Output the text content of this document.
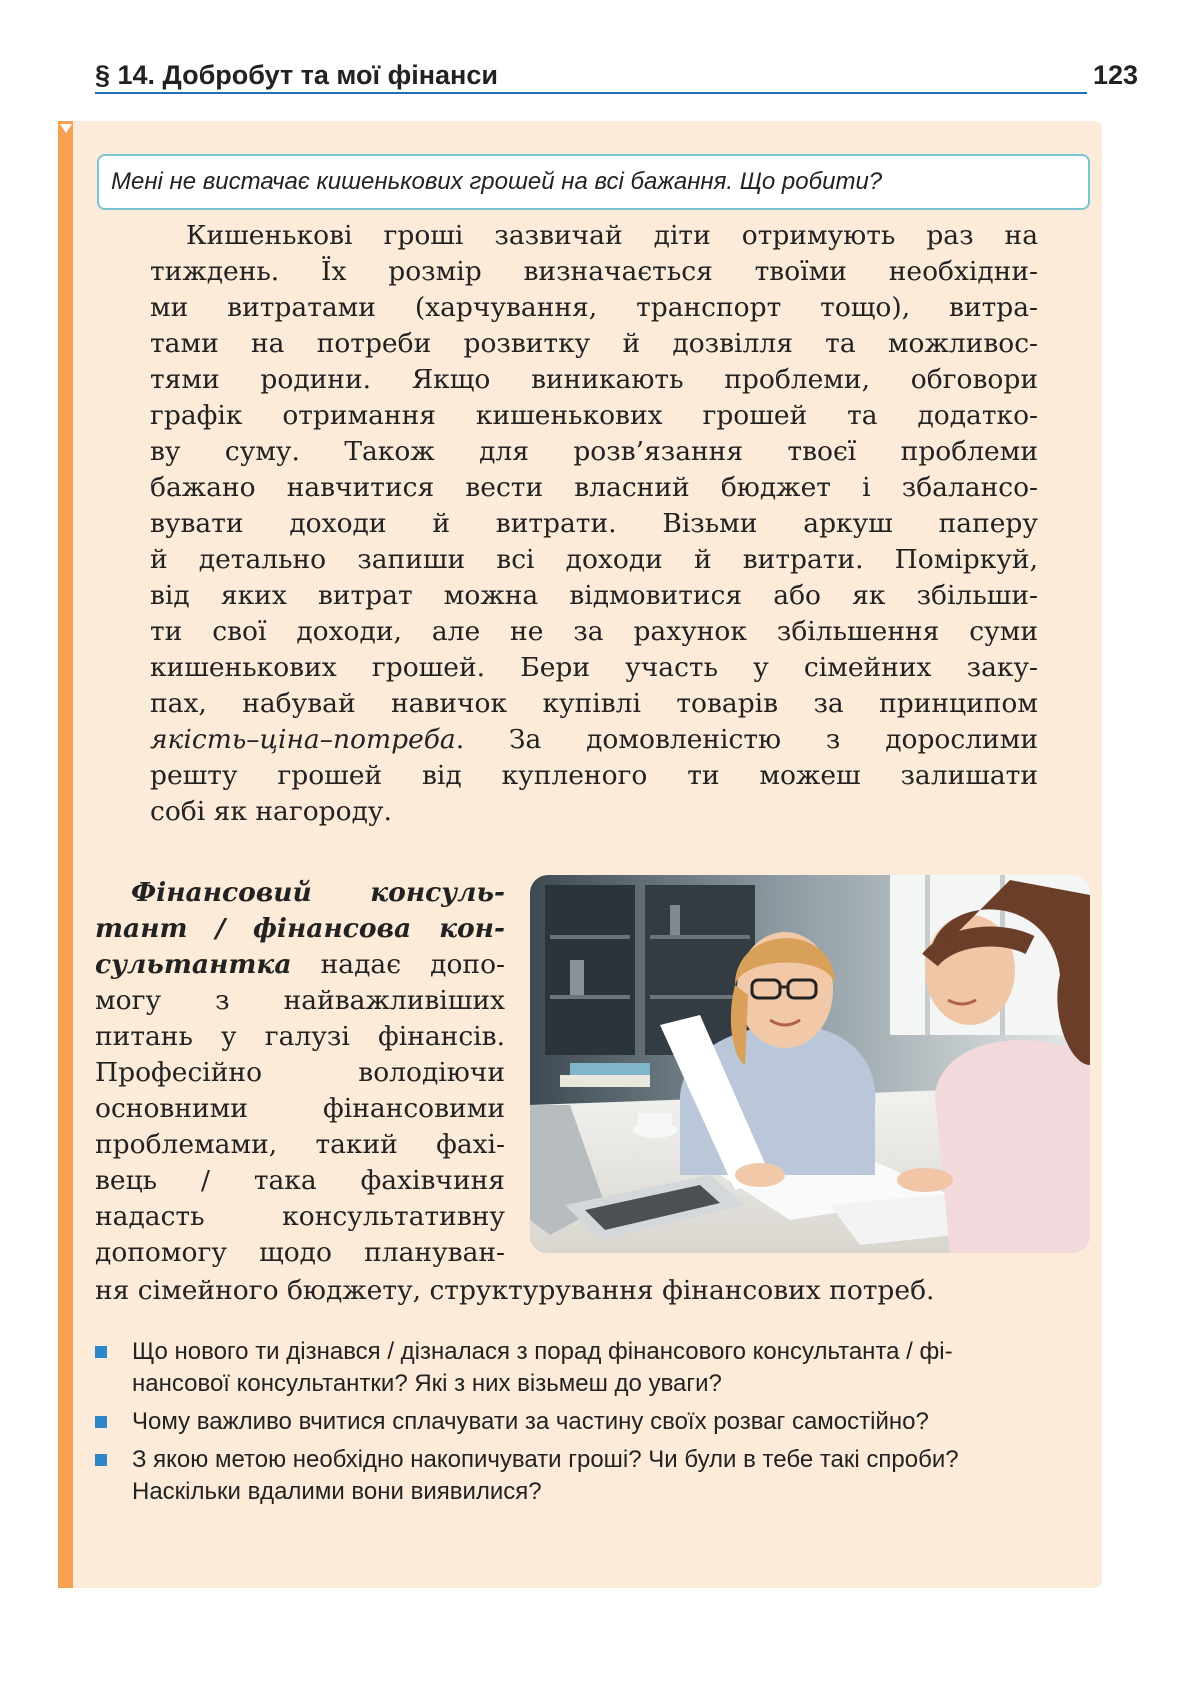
§ 14. Добробут та мої фінанси	123
Мені не вистачає кишенькових грошей на всі бажання. Що робити?
Кишенькові гроші зазвичай діти отримують раз на
тиждень. Їх розмір визначається твоїми необхідни-
ми витратами (харчування, транспорт тощо), витра-
тами на потреби розвитку й дозвілля та можливос-
тями родини. Якщо виникають проблеми, обговори
графік отримання кишенькових грошей та додатко-
ву суму. Також для розв’язання твоєї проблеми
бажано навчитися вести власний бюджет і збалансо-
вувати доходи й витрати. Візьми аркуш паперу
й детально запиши всі доходи й витрати. Поміркуй,
від яких витрат можна відмовитися або як збільши-
ти свої доходи, але не за рахунок збільшення суми
кишенькових грошей. Бери участь у сімейних заку-
пах, набувай навичок купівлі товарів за принципом
якість–ціна–потреба. За домовленістю з дорослими
решту грошей від купленого ти можеш залишати
собі як нагороду.
Фінансовий консуль-
тант / фінансова кон-
сультантка надає допо-
могу з найважливіших
питань у галузі фінансів.
Професійно володіючи
основними фінансовими
проблемами, такий фахі-
вець / така фахівчиня
надасть консультативну
допомогу щодо плануван-
ня сімейного бюджету, структурування фінансових потреб.
Що нового ти дізнався / дізналася з порад фінансового консультанта / фі-
нансової консультантки? Які з них візьмеш до уваги?
Чому важливо вчитися сплачувати за частину своїх розваг самостійно?
З якою метою необхідно накопичувати гроші? Чи були в тебе такі спроби?
Наскільки вдалими вони виявилися?
